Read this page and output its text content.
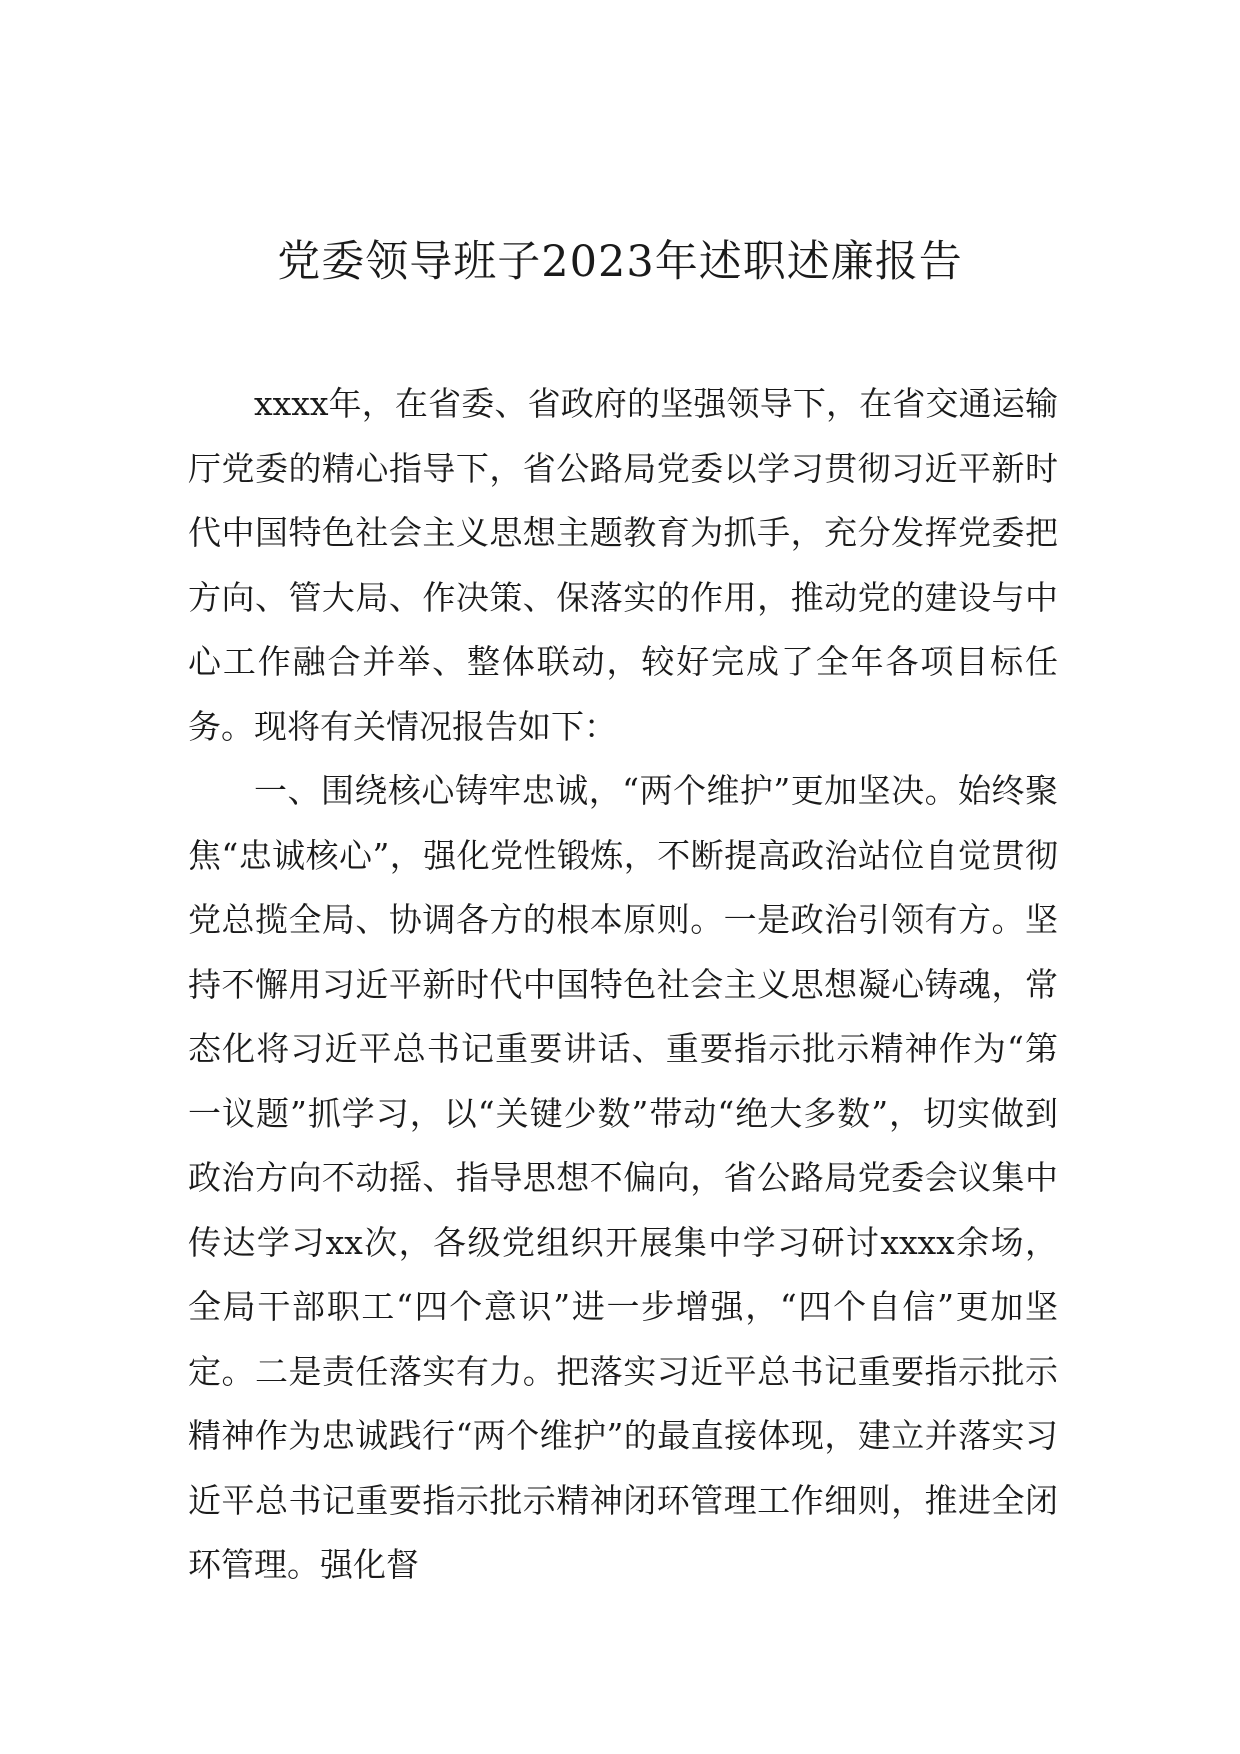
党委领导班子2023年述职述廉报告

xxxx年，在省委、省政府的坚强领导下，在省交通运输厅党委的精心指导下，省公路局党委以学习贯彻习近平新时代中国特色社会主义思想主题教育为抓手，充分发挥党委把方向、管大局、作决策、保落实的作用，推动党的建设与中心工作融合并举、整体联动，较好完成了全年各项目标任务。现将有关情况报告如下：

一、围绕核心铸牢忠诚，“两个维护”更加坚决。始终聚焦“忠诚核心”，强化党性锻炼，不断提高政治站位自觉贯彻党总揽全局、协调各方的根本原则。一是政治引领有方。坚持不懈用习近平新时代中国特色社会主义思想凝心铸魂，常态化将习近平总书记重要讲话、重要指示批示精神作为“第一议题”抓学习，以“关键少数”带动“绝大多数”，切实做到政治方向不动摇、指导思想不偏向，省公路局党委会议集中传达学习xx次，各级党组织开展集中学习研讨xxxx余场，全局干部职工“四个意识”进一步增强，“四个自信”更加坚定。二是责任落实有力。把落实习近平总书记重要指示批示精神作为忠诚践行“两个维护”的最直接体现，建立并落实习近平总书记重要指示批示精神闭环管理工作细则，推进全闭环管理。强化督
